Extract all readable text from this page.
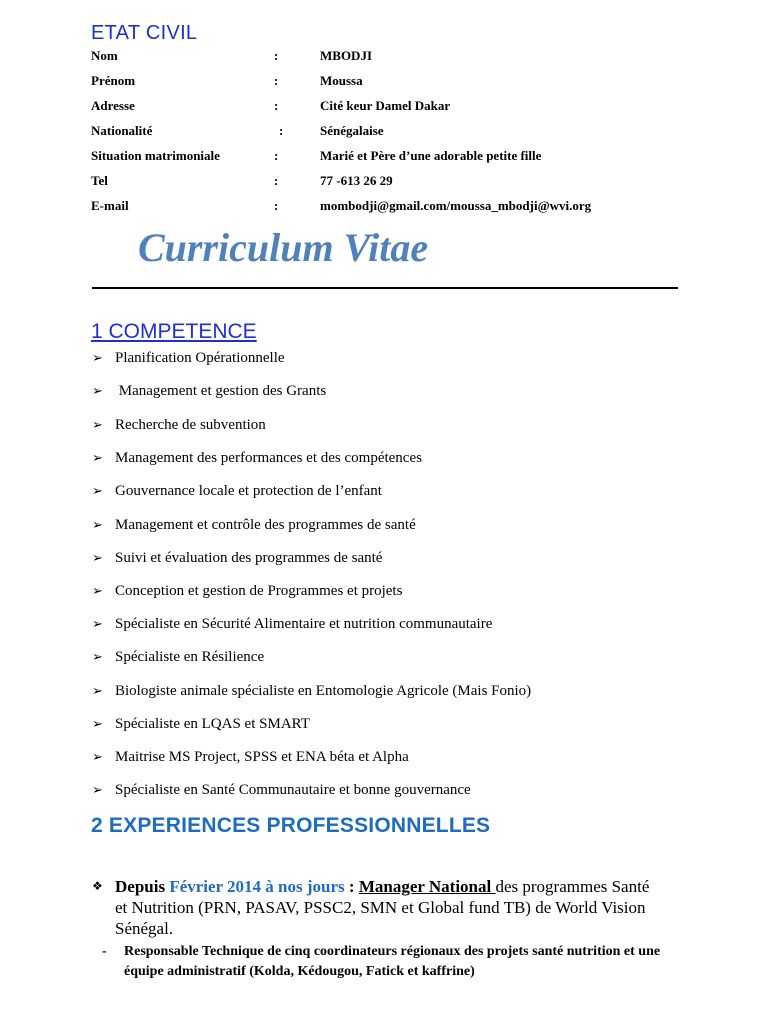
ETAT CIVIL
Nom	:	MBODJI
Prénom	:	Moussa
Adresse	:	Cité keur Damel Dakar
Nationalité	:	Sénégalaise
Situation matrimoniale	:	Marié et Père d’une adorable petite fille
Tel	:	77 -613 26 29
E-mail	:	mombodji@gmail.com/moussa_mbodji@wvi.org
Curriculum Vitae
1 COMPETENCE
➢ Planification Opérationnelle
➢ Management et gestion des Grants
➢ Recherche de subvention
➢ Management des performances et des compétences
➢ Gouvernance locale et protection de l’enfant
➢ Management et contrôle des programmes de santé
➢ Suivi et évaluation des programmes de santé
➢ Conception et gestion de Programmes et projets
➢ Spécialiste en Sécurité Alimentaire et nutrition communautaire
➢ Spécialiste en Résilience
➢ Biologiste animale spécialiste en Entomologie Agricole (Mais Fonio)
➢ Spécialiste en LQAS et SMART
➢ Maitrise MS Project, SPSS et ENA béta et Alpha
➢ Spécialiste en Santé Communautaire et bonne gouvernance
2 EXPERIENCES PROFESSIONNELLES
❖ Depuis Février 2014 à nos jours : Manager National des programmes Santé et Nutrition (PRN, PASAV, PSSC2, SMN et Global fund TB) de World Vision Sénégal.
- Responsable Technique de cinq coordinateurs régionaux des projets santé nutrition et une équipe administratif (Kolda, Kédougou, Fatick et kaffrine)
